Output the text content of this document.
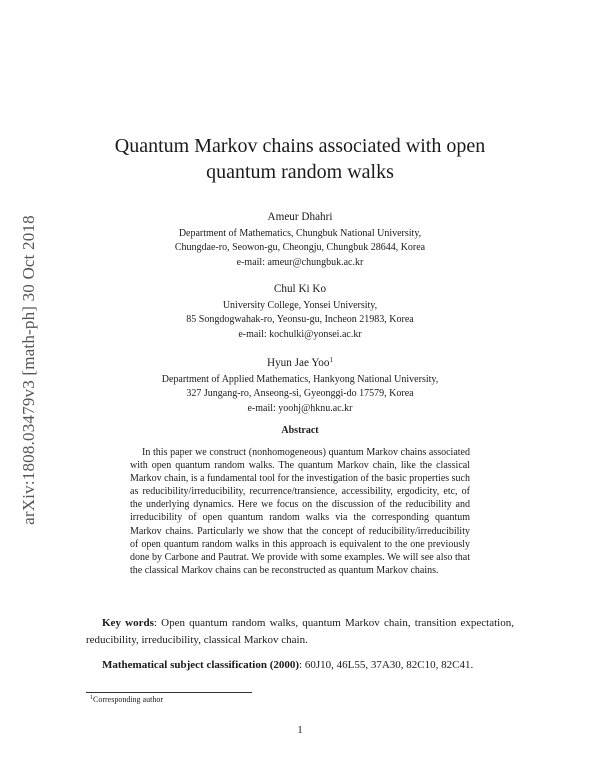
arXiv:1808.03479v3 [math-ph] 30 Oct 2018
Quantum Markov chains associated with open
quantum random walks
Ameur Dhahri
Department of Mathematics, Chungbuk National University,
Chungdae-ro, Seowon-gu, Cheongju, Chungbuk 28644, Korea
e-mail: ameur@chungbuk.ac.kr
Chul Ki Ko
University College, Yonsei University,
85 Songdogwahak-ro, Yeonsu-gu, Incheon 21983, Korea
e-mail: kochulki@yonsei.ac.kr
Hyun Jae Yoo$^1$
Department of Applied Mathematics, Hankyong National University,
327 Jungang-ro, Anseong-si, Gyeonggi-do 17579, Korea
e-mail: yoohj@hknu.ac.kr
Abstract

In this paper we construct (nonhomogeneous) quantum Markov chains associated with open quantum random walks. The quantum Markov chain, like the classical Markov chain, is a fundamental tool for the investigation of the basic properties such as reducibility/irreducibility, recurrence/transience, accessibility, ergodicity, etc, of the underlying dynamics. Here we focus on the discussion of the reducibility and irreducibility of open quantum random walks via the corresponding quantum Markov chains. Particularly we show that the concept of reducibility/irreducibility of open quantum random walks in this approach is equivalent to the one previously done by Carbone and Pautrat. We provide with some examples. We will see also that the classical Markov chains can be reconstructed as quantum Markov chains.

Key words: Open quantum random walks, quantum Markov chain, transition expectation, reducibility, irreducibility, classical Markov chain.

Mathematical subject classification (2000): 60J10, 46L55, 37A30, 82C10, 82C41.

$^1$Corresponding author
1
